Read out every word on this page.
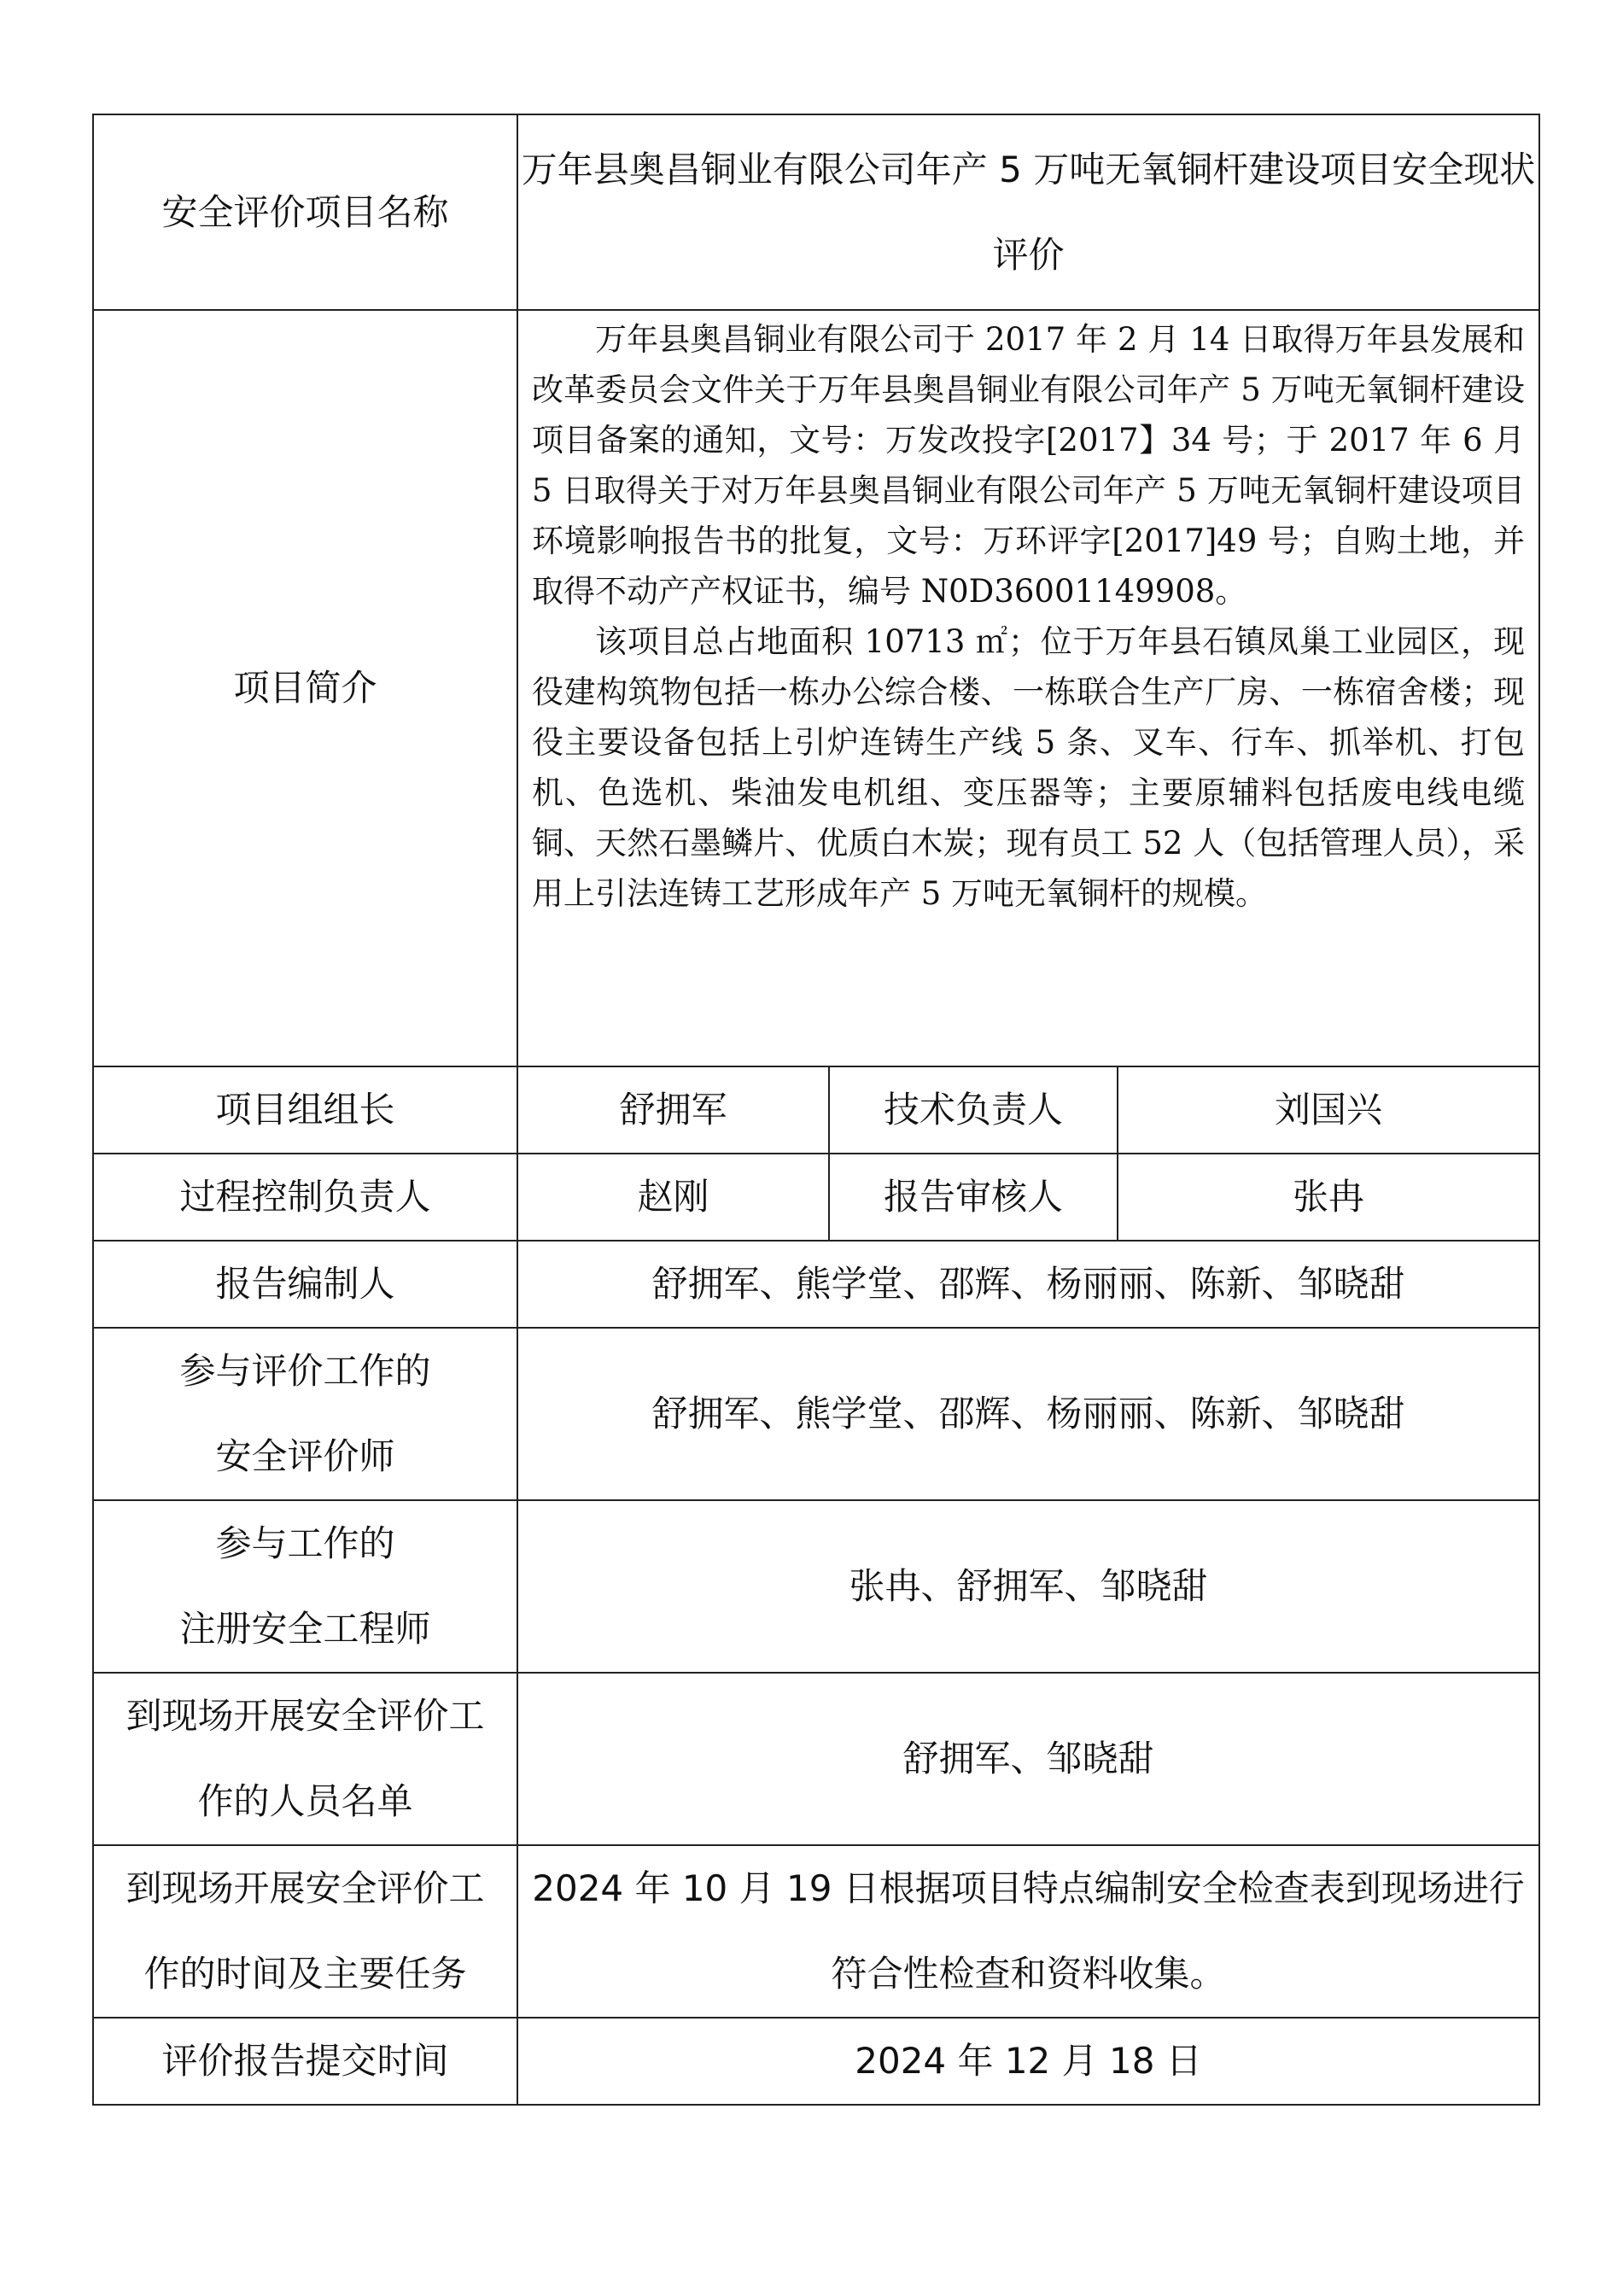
安全评价项目名称	万年县奥昌铜业有限公司年产 5 万吨无氧铜杆建设项目安全现状评价		
项目简介	万年县奥昌铜业有限公司于 2017 年 2 月 14 日取得万年县发展和改革委员会文件关于万年县奥昌铜业有限公司年产 5 万吨无氧铜杆建设项目备案的通知，文号：万发改投字[2017】34 号；于 2017 年 6 月 5 日取得关于对万年县奥昌铜业有限公司年产 5 万吨无氧铜杆建设项目环境影响报告书的批复，文号：万环评字[2017]49 号；自购土地，并取得不动产产权证书，编号 N0D36001149908。

该项目总占地面积 10713 ㎡；位于万年县石镇凤巢工业园区，现役建构筑物包括一栋办公综合楼、一栋联合生产厂房、一栋宿舍楼；现役主要设备包括上引炉连铸生产线 5 条、叉车、行车、抓举机、打包机、色选机、柴油发电机组、变压器等；主要原辅料包括废电线电缆铜、天然石墨鳞片、优质白木炭；现有员工 52 人（包括管理人员），采用上引法连铸工艺形成年产 5 万吨无氧铜杆的规模。		

项目组组长	舒拥军	技术负责人	刘国兴
过程控制负责人	赵刚	报告审核人	张冉
报告编制人	舒拥军、熊学堂、邵辉、杨丽丽、陈新、邹晓甜		

参与评价工作的
安全评价师	舒拥军、熊学堂、邵辉、杨丽丽、陈新、邹晓甜		

参与工作的
注册安全工程师	张冉、舒拥军、邹晓甜		

到现场开展安全评价工
作的人员名单	舒拥军、邹晓甜		

到现场开展安全评价工
作的时间及主要任务	2024 年 10 月 19 日根据项目特点编制安全检查表到现场进行符合性检查和资料收集。		
评价报告提交时间	2024 年 12 月 18 日		
